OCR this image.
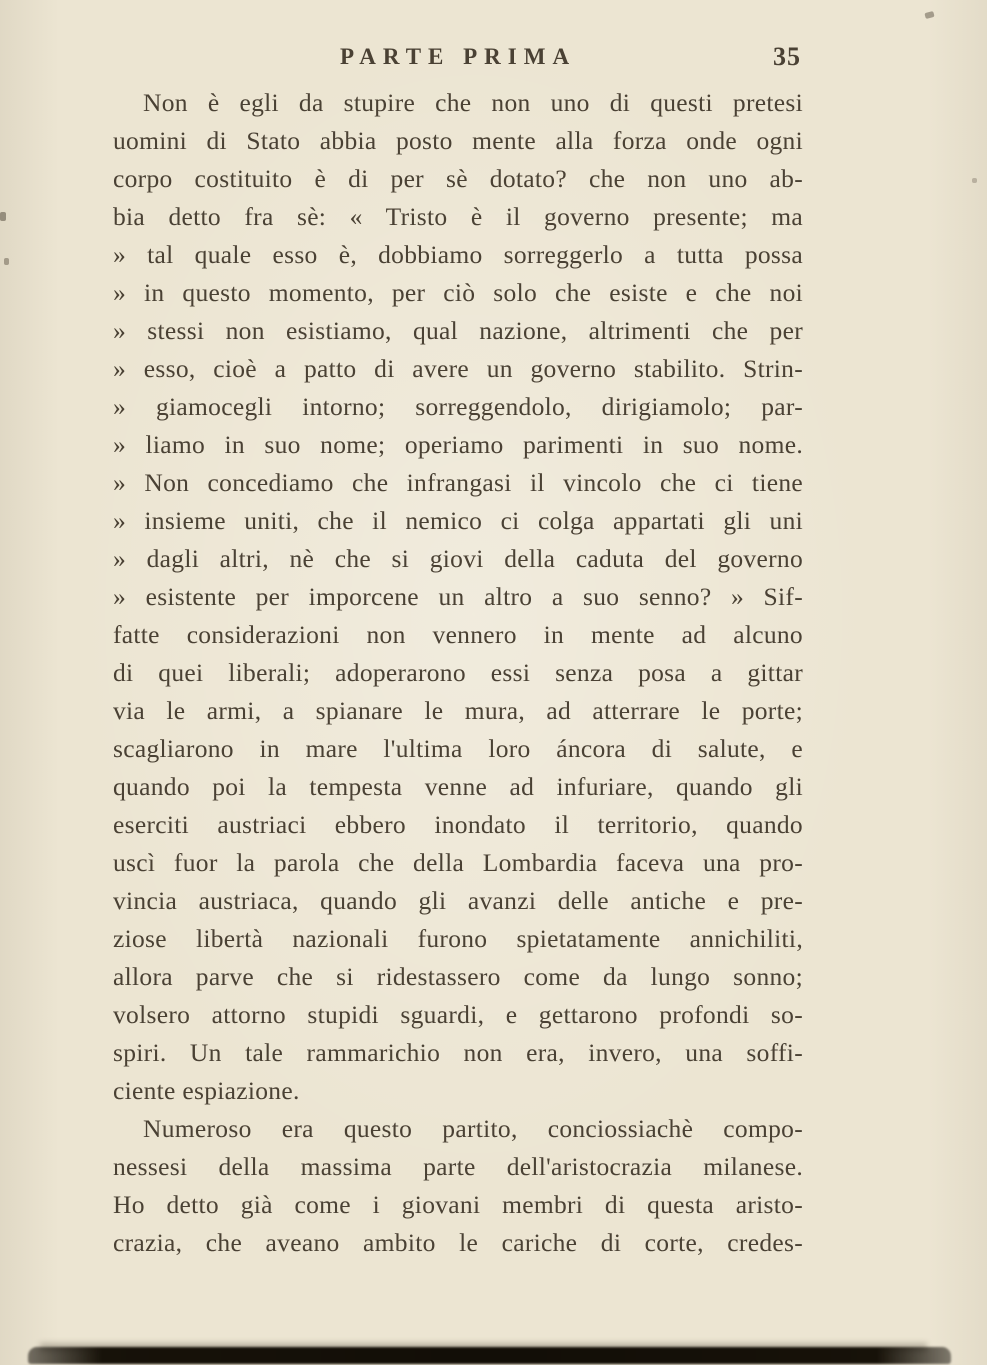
PARTE PRIMA	35
Non è egli da stupire che non uno di questi pretesi
uomini di Stato abbia posto mente alla forza onde ogni
corpo costituito è di per sè dotato? che non uno ab-
bia detto fra sè: « Tristo è il governo presente; ma
» tal quale esso è, dobbiamo sorreggerlo a tutta possa
» in questo momento, per ciò solo che esiste e che noi
» stessi non esistiamo, qual nazione, altrimenti che per
» esso, cioè a patto di avere un governo stabilito. Strin-
» giamocegli intorno; sorreggendolo, dirigiamolo; par-
» liamo in suo nome; operiamo parimenti in suo nome.
» Non concediamo che infrangasi il vincolo che ci tiene
» insieme uniti, che il nemico ci colga appartati gli uni
» dagli altri, nè che si giovi della caduta del governo
» esistente per imporcene un altro a suo senno? » Sif-
fatte considerazioni non vennero in mente ad alcuno
di quei liberali; adoperarono essi senza posa a gittar
via le armi, a spianare le mura, ad atterrare le porte;
scagliarono in mare l'ultima loro áncora di salute, e
quando poi la tempesta venne ad infuriare, quando gli
eserciti austriaci ebbero inondato il territorio, quando
uscì fuor la parola che della Lombardia faceva una pro-
vincia austriaca, quando gli avanzi delle antiche e pre-
ziose libertà nazionali furono spietatamente annichiliti,
allora parve che si ridestassero come da lungo sonno;
volsero attorno stupidi sguardi, e gettarono profondi so-
spiri. Un tale rammarichio non era, invero, una soffi-
ciente espiazione.
Numeroso era questo partito, conciossiachè compo-
nessesi della massima parte dell'aristocrazia milanese.
Ho detto già come i giovani membri di questa aristo-
crazia, che aveano ambito le cariche di corte, credes-
